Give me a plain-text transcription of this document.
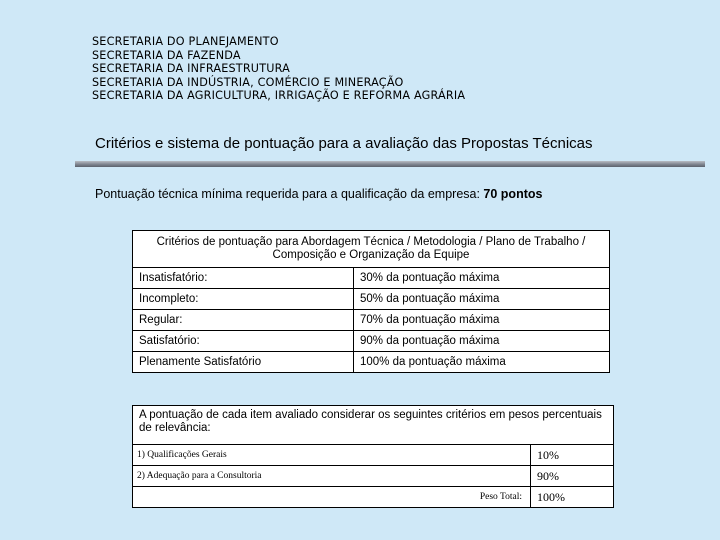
SECRETARIA DO PLANEJAMENTO
SECRETARIA DA FAZENDA
SECRETARIA DA INFRAESTRUTURA
SECRETARIA DA INDÚSTRIA, COMÉRCIO E MINERAÇÃO
SECRETARIA DA AGRICULTURA, IRRIGAÇÃO E REFORMA AGRÁRIA
Critérios e sistema de pontuação para a avaliação das Propostas Técnicas
Pontuação técnica mínima requerida para a qualificação da empresa: 70 pontos
Critérios de pontuação para Abordagem Técnica / Metodologia / Plano de Trabalho / Composição e Organização da Equipe	
Insatisfatório:	30% da pontuação máxima
Incompleto:	50% da pontuação máxima
Regular:	70% da pontuação máxima
Satisfatório:	90% da pontuação máxima
Plenamente Satisfatório	100% da pontuação máxima
A pontuação de cada item avaliado considerar os seguintes critérios em pesos percentuais de relevância:	
1) Qualificações Gerais	10%
2) Adequação para a Consultoria	90%
Peso Total:	100%
